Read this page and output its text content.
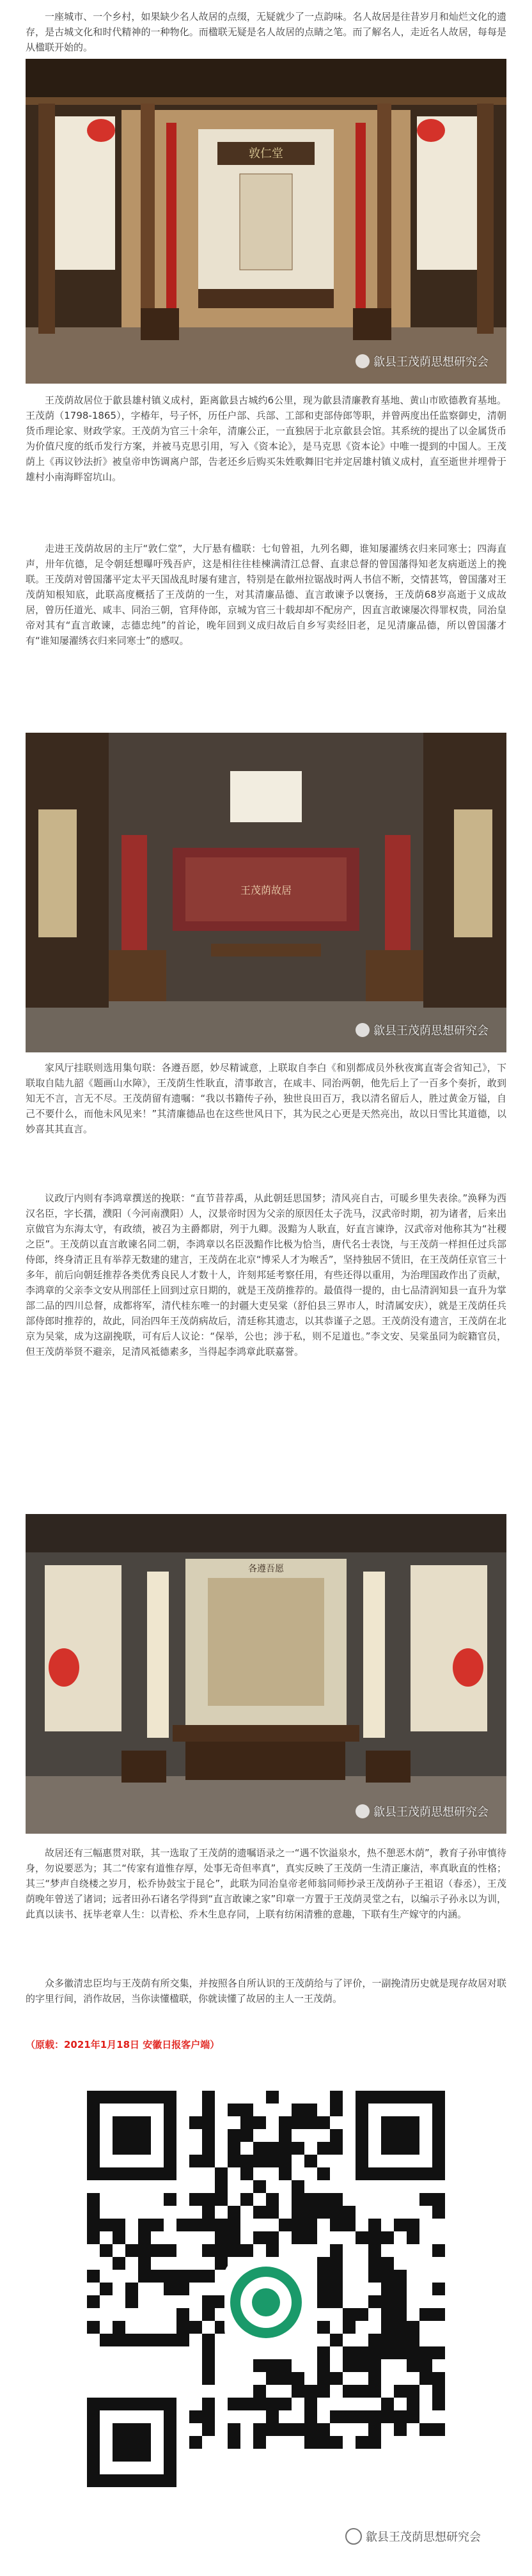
一座城市、一个乡村，如果缺少名人故居的点缀，无疑就少了一点韵味。名人故居是往昔岁月和灿烂文化的遗存，是古城文化和时代精神的一种物化。而楹联无疑是名人故居的点睛之笔。而了解名人，走近名人故居，每每是从楹联开始的。

敦仁堂
歙县王茂荫思想研究会

王茂荫故居位于歙县雄村镇义成村，距离歙县古城约6公里，现为歙县清廉教育基地、黄山市欧德教育基地。王茂荫（1798-1865），字椿年，号子怀，历任户部、兵部、工部和吏部侍郎等职，并曾两度出任监察御史，清朝货币理论家、财政学家。王茂荫为官三十余年，清廉公正，一直独居于北京歙县会馆。其系统的提出了以金属货币为价值尺度的纸币发行方案，并被马克思引用，写入《资本论》，是马克思《资本论》中唯一提到的中国人。王茂荫上《再议钞法折》被皇帝申饬调离户部，告老还乡后购买朱姓歌舞旧宅并定居雄村镇义成村，直至逝世并埋骨于雄村小南海畔窑坑山。

走进王茂荫故居的主厅“敦仁堂”，大厅悬有楹联：七旬曾祖，九列名卿，谁知屡濯绣衣归来同寒士；四海直声，卅年伉德，足令朝廷想曝吁残吾庐，这是相往往桂楝满清江总督、直隶总督的曾国藩得知老友病逝送上的挽联。王茂荫对曾国藩平定太平天国战乱时屡有建言，特别是在歙州拉锯战时两人书信不断，交情甚笃，曾国藩对王茂荫知根知底，此联高度概括了王茂荫的一生，对其清廉品德、直言敢谏予以褒扬，王茂荫68岁高逝于义成故居，曾历任道光、咸丰、同治三朝，官拜侍郎，京城为官三十载却却不配房产，因直言敢谏屡次得罪权贵，同治皇帝对其有“直言敢谏，志德忠纯”的首论，晚年回到义成归故后自乡写卖经旧老，足见清廉品德，所以曾国藩才有“谁知屡濯绣衣归来同寒士”的感叹。

王茂荫故居
歙县王茂荫思想研究会

家风厅挂联则选用集句联：各遵吾愿，妙尽精诚意，上联取自李白《和别都成员外秋夜寓直寄会省知己》，下联取自陆九韶《题画山水障》，王茂荫生性耿直，清事敢言，在咸丰、同治两朝，他先后上了一百多个奏折，敢到知无不言，言无不尽。王茂荫留有遗嘱：“我以书籍传子孙，独世良田百万，我以清名留后人，胜过黄金万镒，自己不要什么，而他未风见来！”其清廉德品也在这些世风日下，其为民之心更是天然亮出，故以日雪比其道德，以妙喜其其直言。

议政厅内则有李鸿章撰送的挽联：“直节昔荐禹，从此朝廷思国梦；清风亮自古，可暖乡里失表徐。”涣释为西汉名臣，字长孺，濮阳（今河南濮阳）人，汉景帝时因为父亲的原因任太子洗马，汉武帝时期，初为诸者，后来出京做官为东海太守，有政绩，被召为主爵都尉，列于九卿。汲黯为人耿直，好直言谏诤，汉武帝对他称其为“社稷之臣”。王茂荫以直言敢谏名同二朝，李鸿章以名臣汲黯作比极为恰当，唐代名士表饶，与王茂荫一样担任过兵部侍郎，终身清正且有举荐无数建的建言，王茂荫在北京“博采人才为喉舌”，坚持独居不赁旧，在王茂荫任京官三十多年，前后向朝廷推荐各类优秀良民人才数十人，许刻邦延考察任用，有些还得以重用，为治理国政作出了贡献，李鸿章的父亲李文安从刑部任上回到过京日期的，就是王茂荫推荐的。最值得一提的，由七品清润知县一直升为掌部二品的四川总督，成都将军，清代桂东唯一的封疆大吏吴棠（舒伯县三界市人，时清属安庆），就是王茂荫任兵部侍郎时推荐的，故此，同治四年王茂荫病故后，清廷称其遗志，以其恭谨子之恩。王茂荫没有遗言，王茂荫在北京为吴棠，成为这副挽联，可有后人议论：“保举，公也；涉于私，则不足道也。”李文安、吴棠虽同为皖籍官员，但王茂荫举贤不避亲，足清风祗德素多，当得起李鸿章此联嘉誉。

各遵吾愿
歙县王茂荫思想研究会

故居还有三幅惠贯对联，其一选取了王茂荫的遗嘱语录之一“遇不饮溢泉水，热不憩恶木荫”，教育子孙审慎待身，勿说要恶为；其二“传家有道惟存厚，处事无奇但率真”，真实反映了王茂荫一生清正廉洁，率真耿直的性格；其三“梦声自绕楼之岁月，松乔协鼓宝于昆仑”，此联为同治皇帝老师翁同师抄录王茂荫孙子王祖诏（春丞），王茂荫晚年曾送了诸词；远者田孙石诸名学得到“直言敢谏之家”印章一方置于王茂荫灵堂之右，以编示子孙永以为训，此真以读书、抚毕老章人生：以青松、乔木生息存同，上联有纺闲清雅的意趣，下联有生产嫁守的内涵。

众多徽清忠臣均与王茂荫有所交集，并按照各自所认识的王茂荫给与了评价，一副挽清历史就是现存故居对联的字里行间，消作故居，当你读懂楹联，你就读懂了故居的主人一王茂荫。

（原载：2021年1月18日 安徽日报客户端）
歙县王茂荫思想研究会
